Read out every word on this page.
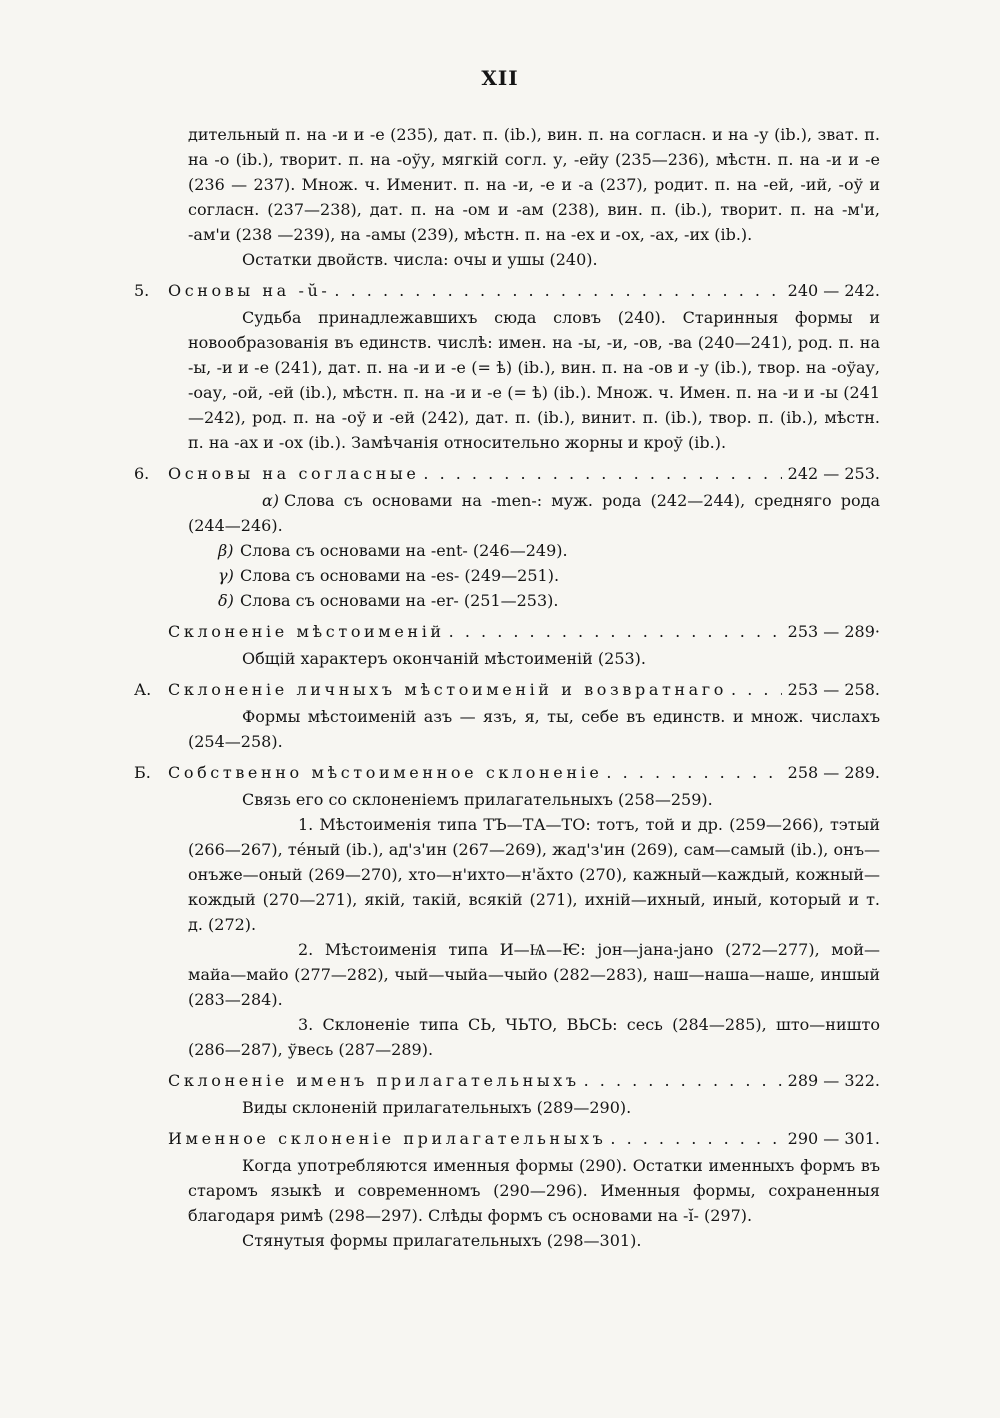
XII
дительный п. на -и и -е (235), дат. п. (ib.), вин. п. на согласн. и на -у (ib.), зват. п. на -о (ib.), творит. п. на -оўу, мягкій согл. у, -ейу (235—236), мѣстн. п. на -и и -е (236 — 237). Множ. ч. Именит. п. на -и, -е и -а (237), родит. п. на -ей, -ий, -оў и согласн. (237—238), дат. п. на -ом и -ам (238), вин. п. (ib.), творит. п. на -м'и, -ам'и (238 —239), на -амы (239), мѣстн. п. на -ех и -ох, -ах, -их (ib.).
Остатки двойств. числа: очы и ушы (240).
5.	Основы на -ŭ- . . .	240 — 242.
Судьба принадлежавшихъ сюда словъ (240). Старинныя формы и новообразованія въ единств. числѣ: имен. на -ы, -и, -ов, -ва (240—241), род. п. на -ы, -и и -е (241), дат. п. на -и и -е (= ѣ) (ib.), вин. п. на -ов и -у (ib.), твор. на -оўау, -оау, -ой, -ей (ib.), мѣстн. п. на -и и -е (= ѣ) (ib.). Множ. ч. Имен. п. на -и и -ы (241—242), род. п. на -оў и -ей (242), дат. п. (ib.), винит. п. (ib.), твор. п. (ib.), мѣстн. п. на -ах и -ох (ib.). Замѣчанія относительно жорны и кроў (ib.).
6.	Основы на согласные . . .	242 — 253.
α) Слова съ основами на -men-: муж. рода (242—244), средняго рода (244—246).
β) Слова съ основами на -ent- (246—249).
γ) Слова съ основами на -es- (249—251).
δ) Слова съ основами на -er- (251—253).
Склоненіе мѣстоименій . . .	253 — 289·
Общій характеръ окончаній мѣстоименій (253).
А.	Склоненіе личныхъ мѣстоименій и возвратнаго . . .	253 — 258.
Формы мѣстоименій азъ — язъ, я, ты, себе въ единств. и множ. числахъ (254—258).
Б.	Собственно мѣстоименное склоненіе . . .	258 — 289.
Связь его со склоненіемъ прилагательныхъ (258—259).
1. Мѣстоименія типа ТЪ—ТА—ТО: тотъ, той и др. (259—266), тэтый (266—267), тéный (ib.), ад'з'ин (267—269), жад'з'ин (269), сам—самый (ib.), онъ—онъже—оный (269—270), хто—н'ихто—н'ăхто (270), кажный—каждый, кожный—кождый (270—271), якій, такій, всякій (271), ихній—ихный, иный, который и т. д. (272).
2. Мѣстоименія типа И—Ѩ—Ѥ: jон—jана-jано (272—277), мой—майа—майо (277—282), чый—чыйа—чыйо (282—283), наш—наша—наше, иншый (283—284).
3. Склоненіе типа СЬ, ЧЬТО, ВЬСЬ: сесь (284—285), што—ништо (286—287), ўвесь (287—289).
Склоненіе именъ прилагательныхъ . . .	289 — 322.
Виды склоненій прилагательныхъ (289—290).
Именное склоненіе прилагательныхъ . . .	290 — 301.
Когда употребляются именныя формы (290). Остатки именныхъ формъ въ старомъ языкѣ и современномъ (290—296). Именныя формы, сохраненныя благодаря римѣ (298—297). Слѣды формъ съ основами на -ĭ- (297).
Стянутыя формы прилагательныхъ (298—301).
